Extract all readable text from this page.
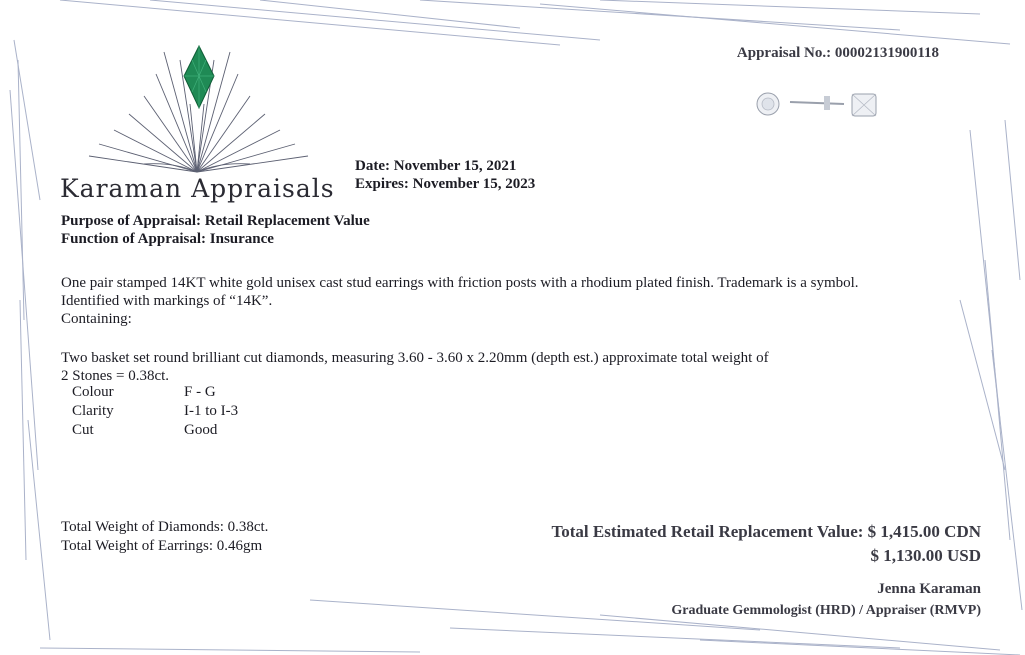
Karaman Appraisals
Appraisal No.: 00002131900118
Date: November 15, 2021
Expires: November 15, 2023
Purpose of Appraisal: Retail Replacement Value
Function of Appraisal: Insurance
One pair stamped 14KT white gold unisex cast stud earrings with friction posts with a rhodium plated finish. Trademark is a symbol.
Identified with markings of “14K”.
Containing:
Two basket set round brilliant cut diamonds, measuring 3.60 - 3.60 x 2.20mm (depth est.) approximate total weight of
2 Stones = 0.38ct.
Colour	F - G
Clarity	I-1 to I-3
Cut	Good
Total Weight of Diamonds: 0.38ct.
Total Weight of Earrings: 0.46gm
Total Estimated Retail Replacement Value: $ 1,415.00 CDN
$ 1,130.00 USD
Jenna Karaman
Graduate Gemmologist (HRD) / Appraiser (RMVP)
